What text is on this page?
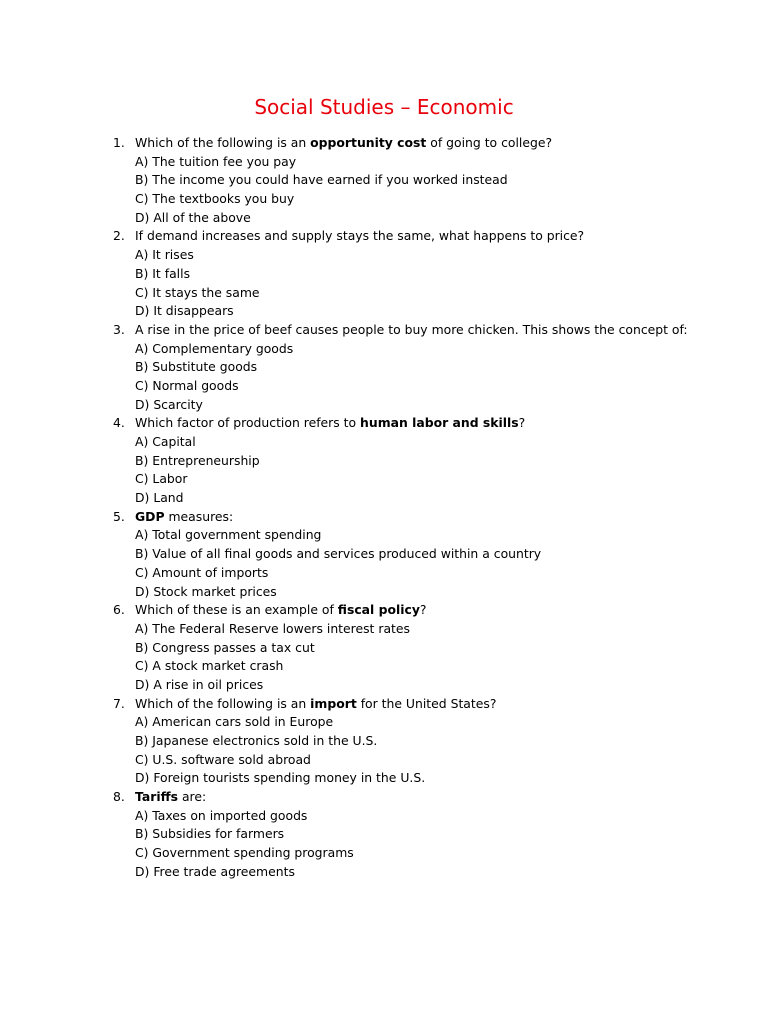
Social Studies – Economic
1. Which of the following is an opportunity cost of going to college?
A) The tuition fee you pay
B) The income you could have earned if you worked instead
C) The textbooks you buy
D) All of the above
2. If demand increases and supply stays the same, what happens to price?
A) It rises
B) It falls
C) It stays the same
D) It disappears
3. A rise in the price of beef causes people to buy more chicken. This shows the concept of:
A) Complementary goods
B) Substitute goods
C) Normal goods
D) Scarcity
4. Which factor of production refers to human labor and skills?
A) Capital
B) Entrepreneurship
C) Labor
D) Land
5. GDP measures:
A) Total government spending
B) Value of all final goods and services produced within a country
C) Amount of imports
D) Stock market prices
6. Which of these is an example of fiscal policy?
A) The Federal Reserve lowers interest rates
B) Congress passes a tax cut
C) A stock market crash
D) A rise in oil prices
7. Which of the following is an import for the United States?
A) American cars sold in Europe
B) Japanese electronics sold in the U.S.
C) U.S. software sold abroad
D) Foreign tourists spending money in the U.S.
8. Tariffs are:
A) Taxes on imported goods
B) Subsidies for farmers
C) Government spending programs
D) Free trade agreements
